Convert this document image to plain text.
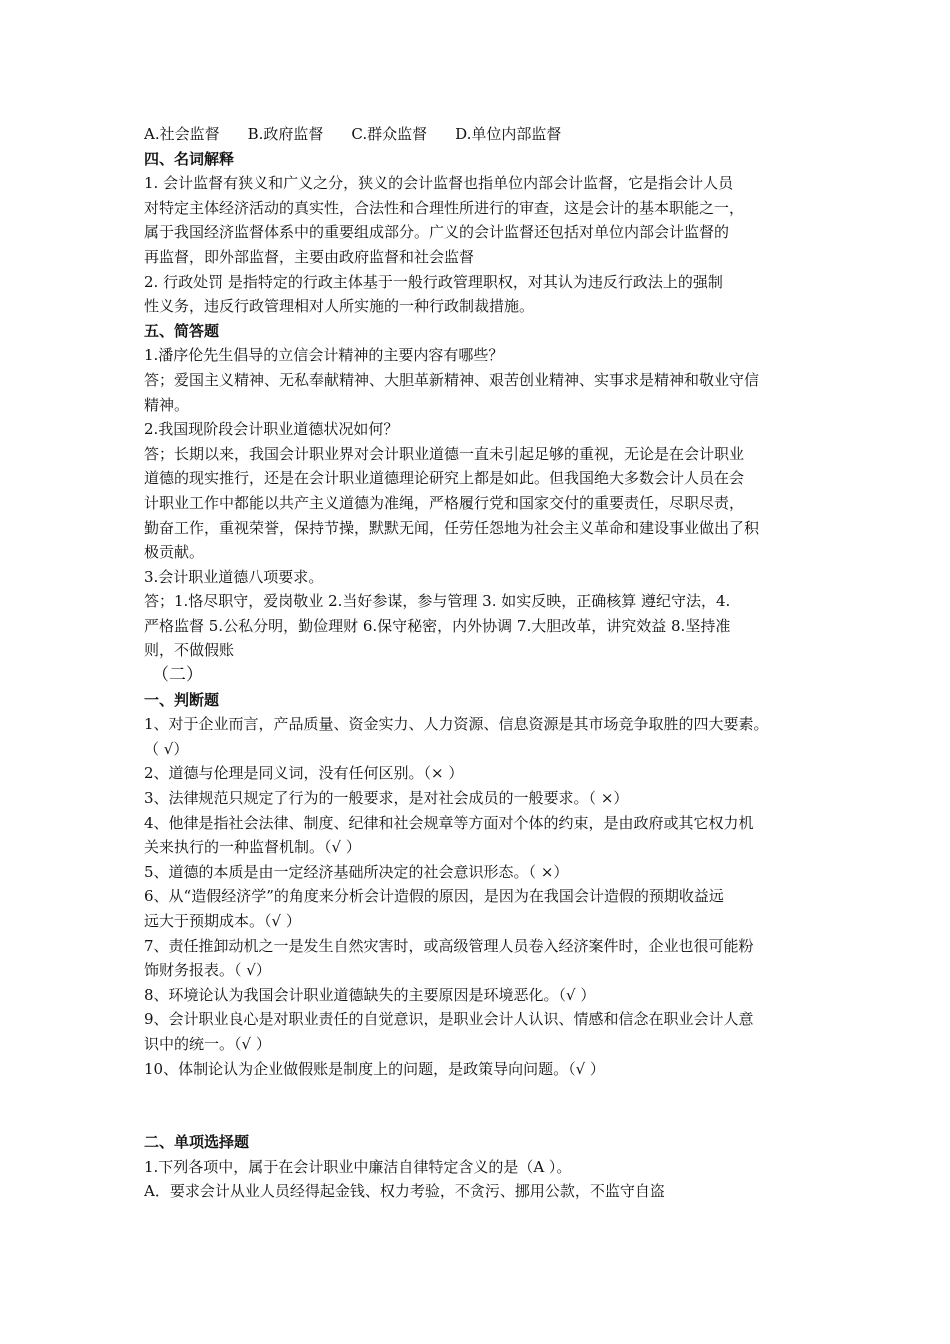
A.社会监督 B.政府监督 C.群众监督 D.单位内部监督
四、名词解释
1. 会计监督有狭义和广义之分，狭义的会计监督也指单位内部会计监督，它是指会计人员
对特定主体经济活动的真实性，合法性和合理性所进行的审查，这是会计的基本职能之一，
属于我国经济监督体系中的重要组成部分。广义的会计监督还包括对单位内部会计监督的
再监督，即外部监督，主要由政府监督和社会监督
2. 行政处罚 是指特定的行政主体基于一般行政管理职权，对其认为违反行政法上的强制
性义务，违反行政管理相对人所实施的一种行政制裁措施。
五、简答题
1.潘序伦先生倡导的立信会计精神的主要内容有哪些？
答；爱国主义精神、无私奉献精神、大胆革新精神、艰苦创业精神、实事求是精神和敬业守信
精神。
2.我国现阶段会计职业道德状况如何？
答；长期以来，我国会计职业界对会计职业道德一直未引起足够的重视，无论是在会计职业
道德的现实推行，还是在会计职业道德理论研究上都是如此。但我国绝大多数会计人员在会
计职业工作中都能以共产主义道德为准绳，严格履行党和国家交付的重要责任，尽职尽责，
勤奋工作，重视荣誉，保持节操，默默无闻，任劳任怨地为社会主义革命和建设事业做出了积
极贡献。
3.会计职业道德八项要求。
答；1.恪尽职守，爱岗敬业 2.当好参谋，参与管理 3. 如实反映，正确核算 遵纪守法，4.
严格监督 5.公私分明，勤俭理财 6.保守秘密，内外协调 7.大胆改革，讲究效益 8.坚持准
则，不做假账
（二）
一、判断题
1、对于企业而言，产品质量、资金实力、人力资源、信息资源是其市场竞争取胜的四大要素。
（ √）
2、道德与伦理是同义词，没有任何区别。（× ）
3、法律规范只规定了行为的一般要求，是对社会成员的一般要求。（ ×）
4、他律是指社会法律、制度、纪律和社会规章等方面对个体的约束，是由政府或其它权力机
关来执行的一种监督机制。（√ ）
5、道德的本质是由一定经济基础所决定的社会意识形态。（ ×）
6、从“造假经济学”的角度来分析会计造假的原因，是因为在我国会计造假的预期收益远
远大于预期成本。（√ ）
7、责任推卸动机之一是发生自然灾害时，或高级管理人员卷入经济案件时，企业也很可能粉
饰财务报表。（ √）
8、环境论认为我国会计职业道德缺失的主要原因是环境恶化。（√ ）
9、会计职业良心是对职业责任的自觉意识，是职业会计人认识、情感和信念在职业会计人意
识中的统一。（√ ）
10、体制论认为企业做假账是制度上的问题，是政策导向问题。（√ ）
二、单项选择题
1.下列各项中，属于在会计职业中廉洁自律特定含义的是（A ）。
A．要求会计从业人员经得起金钱、权力考验，不贪污、挪用公款，不监守自盗
